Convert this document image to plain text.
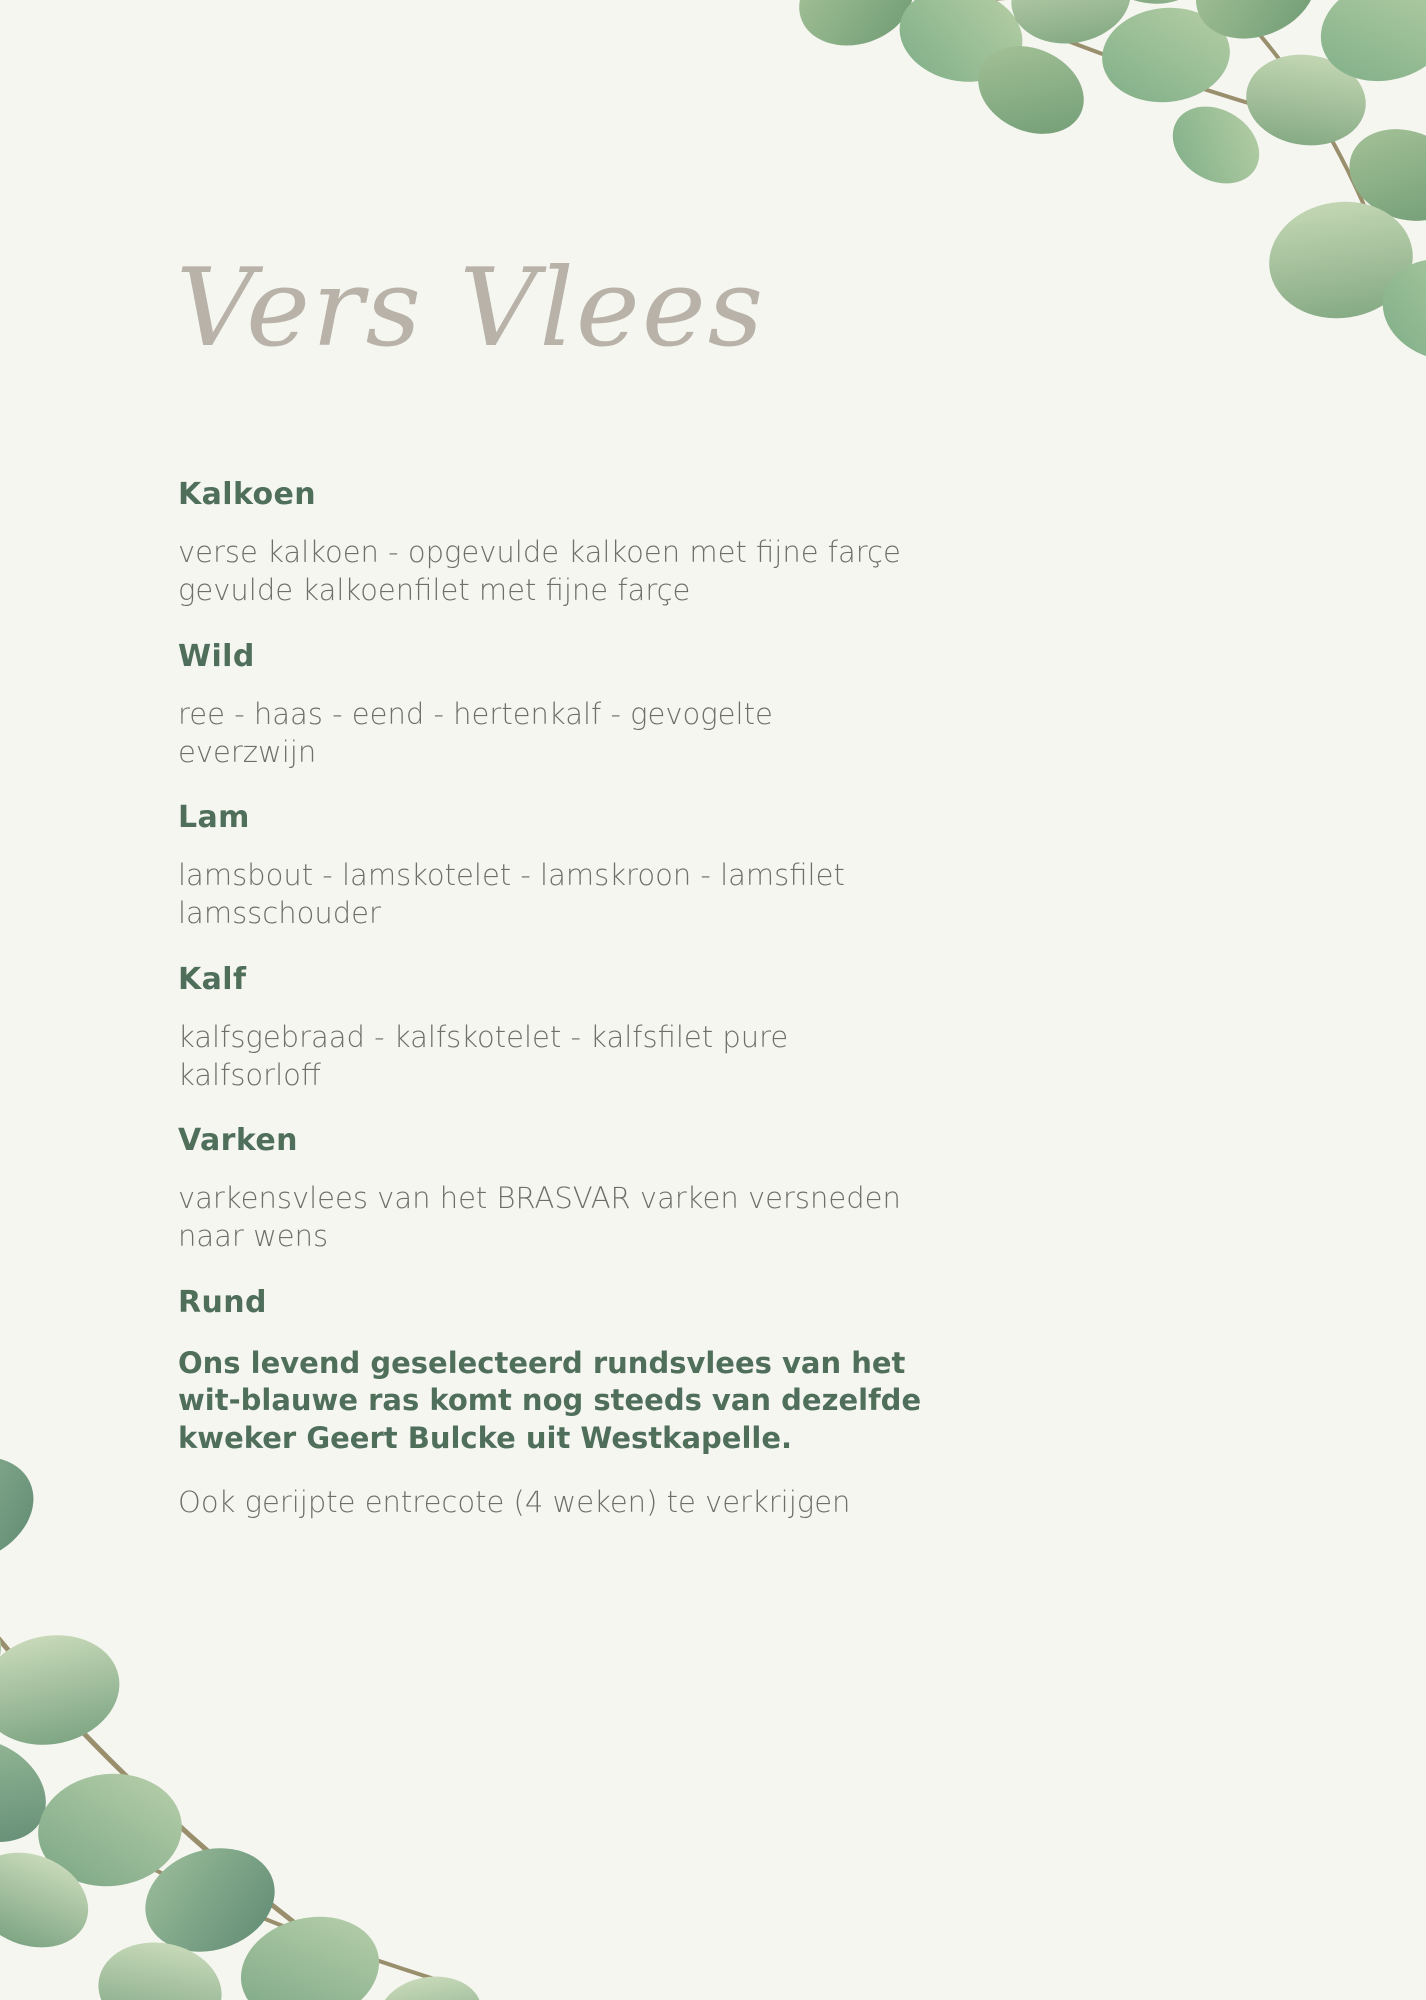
Vers Vlees
Kalkoen

verse kalkoen - opgevulde kalkoen met fijne farçe
gevulde kalkoenfilet met fijne farçe

Wild

ree - haas - eend - hertenkalf - gevogelte
everzwijn

Lam

lamsbout - lamskotelet - lamskroon - lamsfilet
lamsschouder

Kalf

kalfsgebraad - kalfskotelet - kalfsfilet pure
kalfsorloff

Varken

varkensvlees van het BRASVAR varken versneden
naar wens

Rund

Ons levend geselecteerd rundsvlees van het
wit-blauwe ras komt nog steeds van dezelfde
kweker Geert Bulcke uit Westkapelle.

Ook gerijpte entrecote (4 weken) te verkrijgen
